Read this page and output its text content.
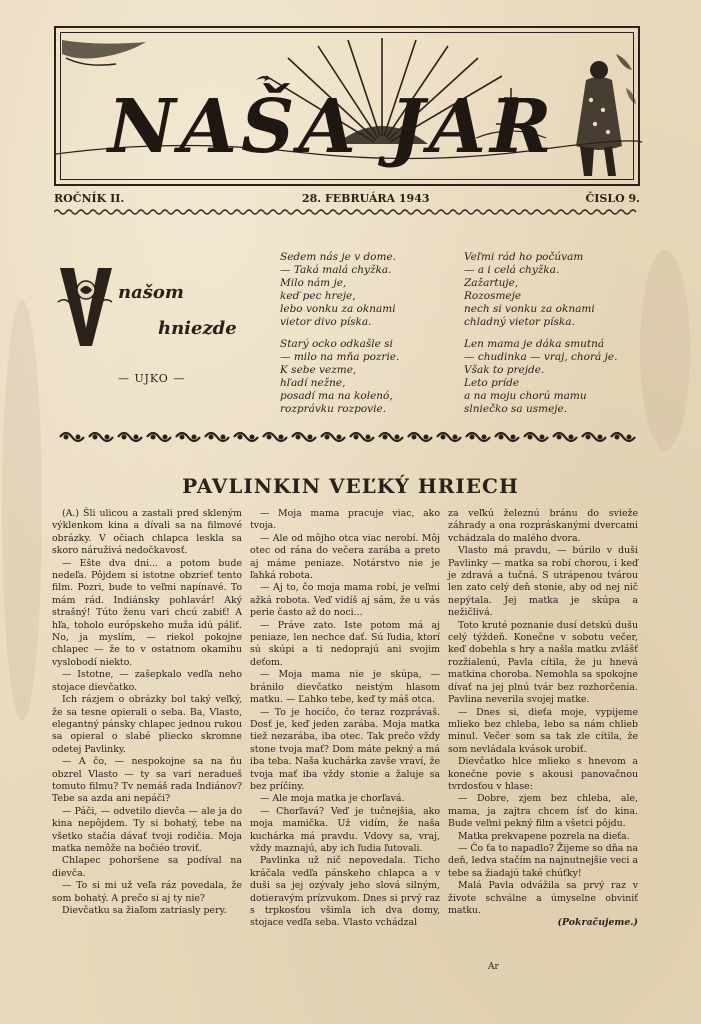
NAŠA JAR
ROČNÍK II.	28. FEBRUÁRA 1943	ČISLO 9.
našom
hniezde
— UJKO —
Sedem nás je v dome.
— Taká malá chyžka.
Milo nám je,
keď pec hreje,
lebo vonku za oknami
vietor divo píska.
Starý ocko odkašle si
— milo na mňa pozrie.
K sebe vezme,
hľadí nežne,
posadí ma na kolenó,
rozprávku rozpovie.
Veľmi rád ho počúvam
— a i celá chyžka.
Zažartuje,
Rozosmeje
nech si vonku za oknami
chladný vietor píska.
Len mama je dáka smutná
— chudinka — vraj, chorá je.
Však to prejde.
Leto príde
a na moju chorú mamu
slniečko sa usmeje.
PAVLINKIN VEĽKÝ HRIECH

(A.) Šli ulicou a zastali pred skleným výklenkom kina a dívali sa na filmové obrázky. V očiach chlapca leskla sa skoro náruživá nedočkavosť.

— Ešte dva dni... a potom bude nedeľa. Pôjdem si istotne obzrieť tento film. Pozri, bude to veľmi napínavé. To mám rád. Indiánsky pohlavár! Aký strašný! Túto ženu vari chcú zabiť! A hľa, toholo európskeho muža idú páliť. No, ja myslím, — riekol pokojne chlapec — že to v ostatnom okamihu vyslobodí niekto.

— Istotne, — zašepkalo vedľa neho stojace dievčatko.

Ich rázjem o obrázky bol taký veľký, že sa tesne opierali o seba. Ba, Vlasto, elegantný pánsky chlapec jednou rukou sa opieral o slabé pliecko skromne odetej Pavlinky.

— A čo, — nespokojne sa na ňu obzrel Vlasto — ty sa vari neradueš tomuto filmu? Tv nemáš rada Indiánov? Tebe sa azda ani nepáči?

— Páči, — odvetilo dievča — ale ja do kina nepôjdem. Ty si bohatý, tebe na všetko stačia dávať tvoji rodičia. Moja matka nemôže na bočiéo troviť.

Chlapec pohoršene sa podíval na dievča.

— To si mi už veľa ráz povedala, že som bohatý. A prečo si aj ty nie?

Dievčatku sa žiaľom zatriasly pery.

— Moja mama pracuje viac, ako tvoja.

— Ale od môjho otca viac nerobí. Môj otec od rána do večera zarába a preto aj máme peniaze. Notárstvo nie je ľahká robota.

— Aj to, čo moja mama robí, je veľmi ažká robota. Veď vidíš aj sám, že u vás perie často až do noci...

— Práve zato. Iste potom má aj peniaze, len nechce dať. Sú ľudia, ktorí sú skúpi a ti nedoprajú ani svojim deťom.

— Moja mama nie je skúpa, — bránilo dievčatko neistým hlasom matku. — Ľahko tebe, keď ty máš otca.

— To je hocičo, čo teraz rozprávaš. Dosť je, keď jeden zarába. Moja matka tiež nezarába, iba otec. Tak prečo vždy stone tvoja mať? Dom máte pekný a má iba teba. Naša kuchárka zavše vraví, že tvoja mať iba vždy stonie a žaluje sa bez príčiny.

— Ale moja matka je chorľavá.

— Chorľavá? Veď je tučnejšia, ako moja mamička. Už vidím, že naša kuchárka má pravdu. Vdovy sa, vraj, vždy maznajú, aby ich ľudia ľutovali.

Pavlinka už nič nepovedala. Ticho kráčala vedľa pánskeho chlapca a v duši sa jej ozývaly jeho slová silným, dotieravým prízvukom. Dnes si prvý raz s trpkosťou všimla ich dva domy, stojace vedľa seba. Vlasto vchádzal

za veľkú železnú bránu do svieže záhrady a ona rozpráskanými dvercami vchádzala do malého dvora.

Vlasto má pravdu, — búrilo v duši Pavlinky — matka sa robí chorou, i keď je zdravá a tučná. S utrápenou tvárou len zato celý deň stonie, aby od nej nič nepýtala. Jej matka je skúpa a nežičlivá.

Toto kruté poznanie dusí detskú dušu celý týždeň. Konečne v sobotu večer, keď dobehla s hry a našla matku zvlášť rozžialenú, Pavla cítila, že ju hnevá matkina choroba. Nemohla sa spokojne dívať na jej plnú tvár bez rozhorčenia. Pavlina neverila svojej matke.

— Dnes si, dieťa moje, vypijeme mlieko bez chleba, lebo sa nám chlieb minul. Večer som sa tak zle cítila, že som nevládala kvások urobiť.

Dievčatko hlce mlieko s hnevom a konečne povie s akousi panovačnou tvrdosťou v hlase:

— Dobre, zjem bez chleba, ale, mama, ja zajtra chcem ísť do kina. Bude veľmi pekný film a všetci pôjdu.

Matka prekvapene pozrela na dieťa.

— Čo ťa to napadlo? Žijeme so dňa na deň, ledva stačím na najnutnejšie veci a tebe sa žiadajú také chúťky!

Malá Pavla odvážila sa prvý raz v živote schválne a úmyselne obviniť matku.

(Pokračujeme.)

Ar
